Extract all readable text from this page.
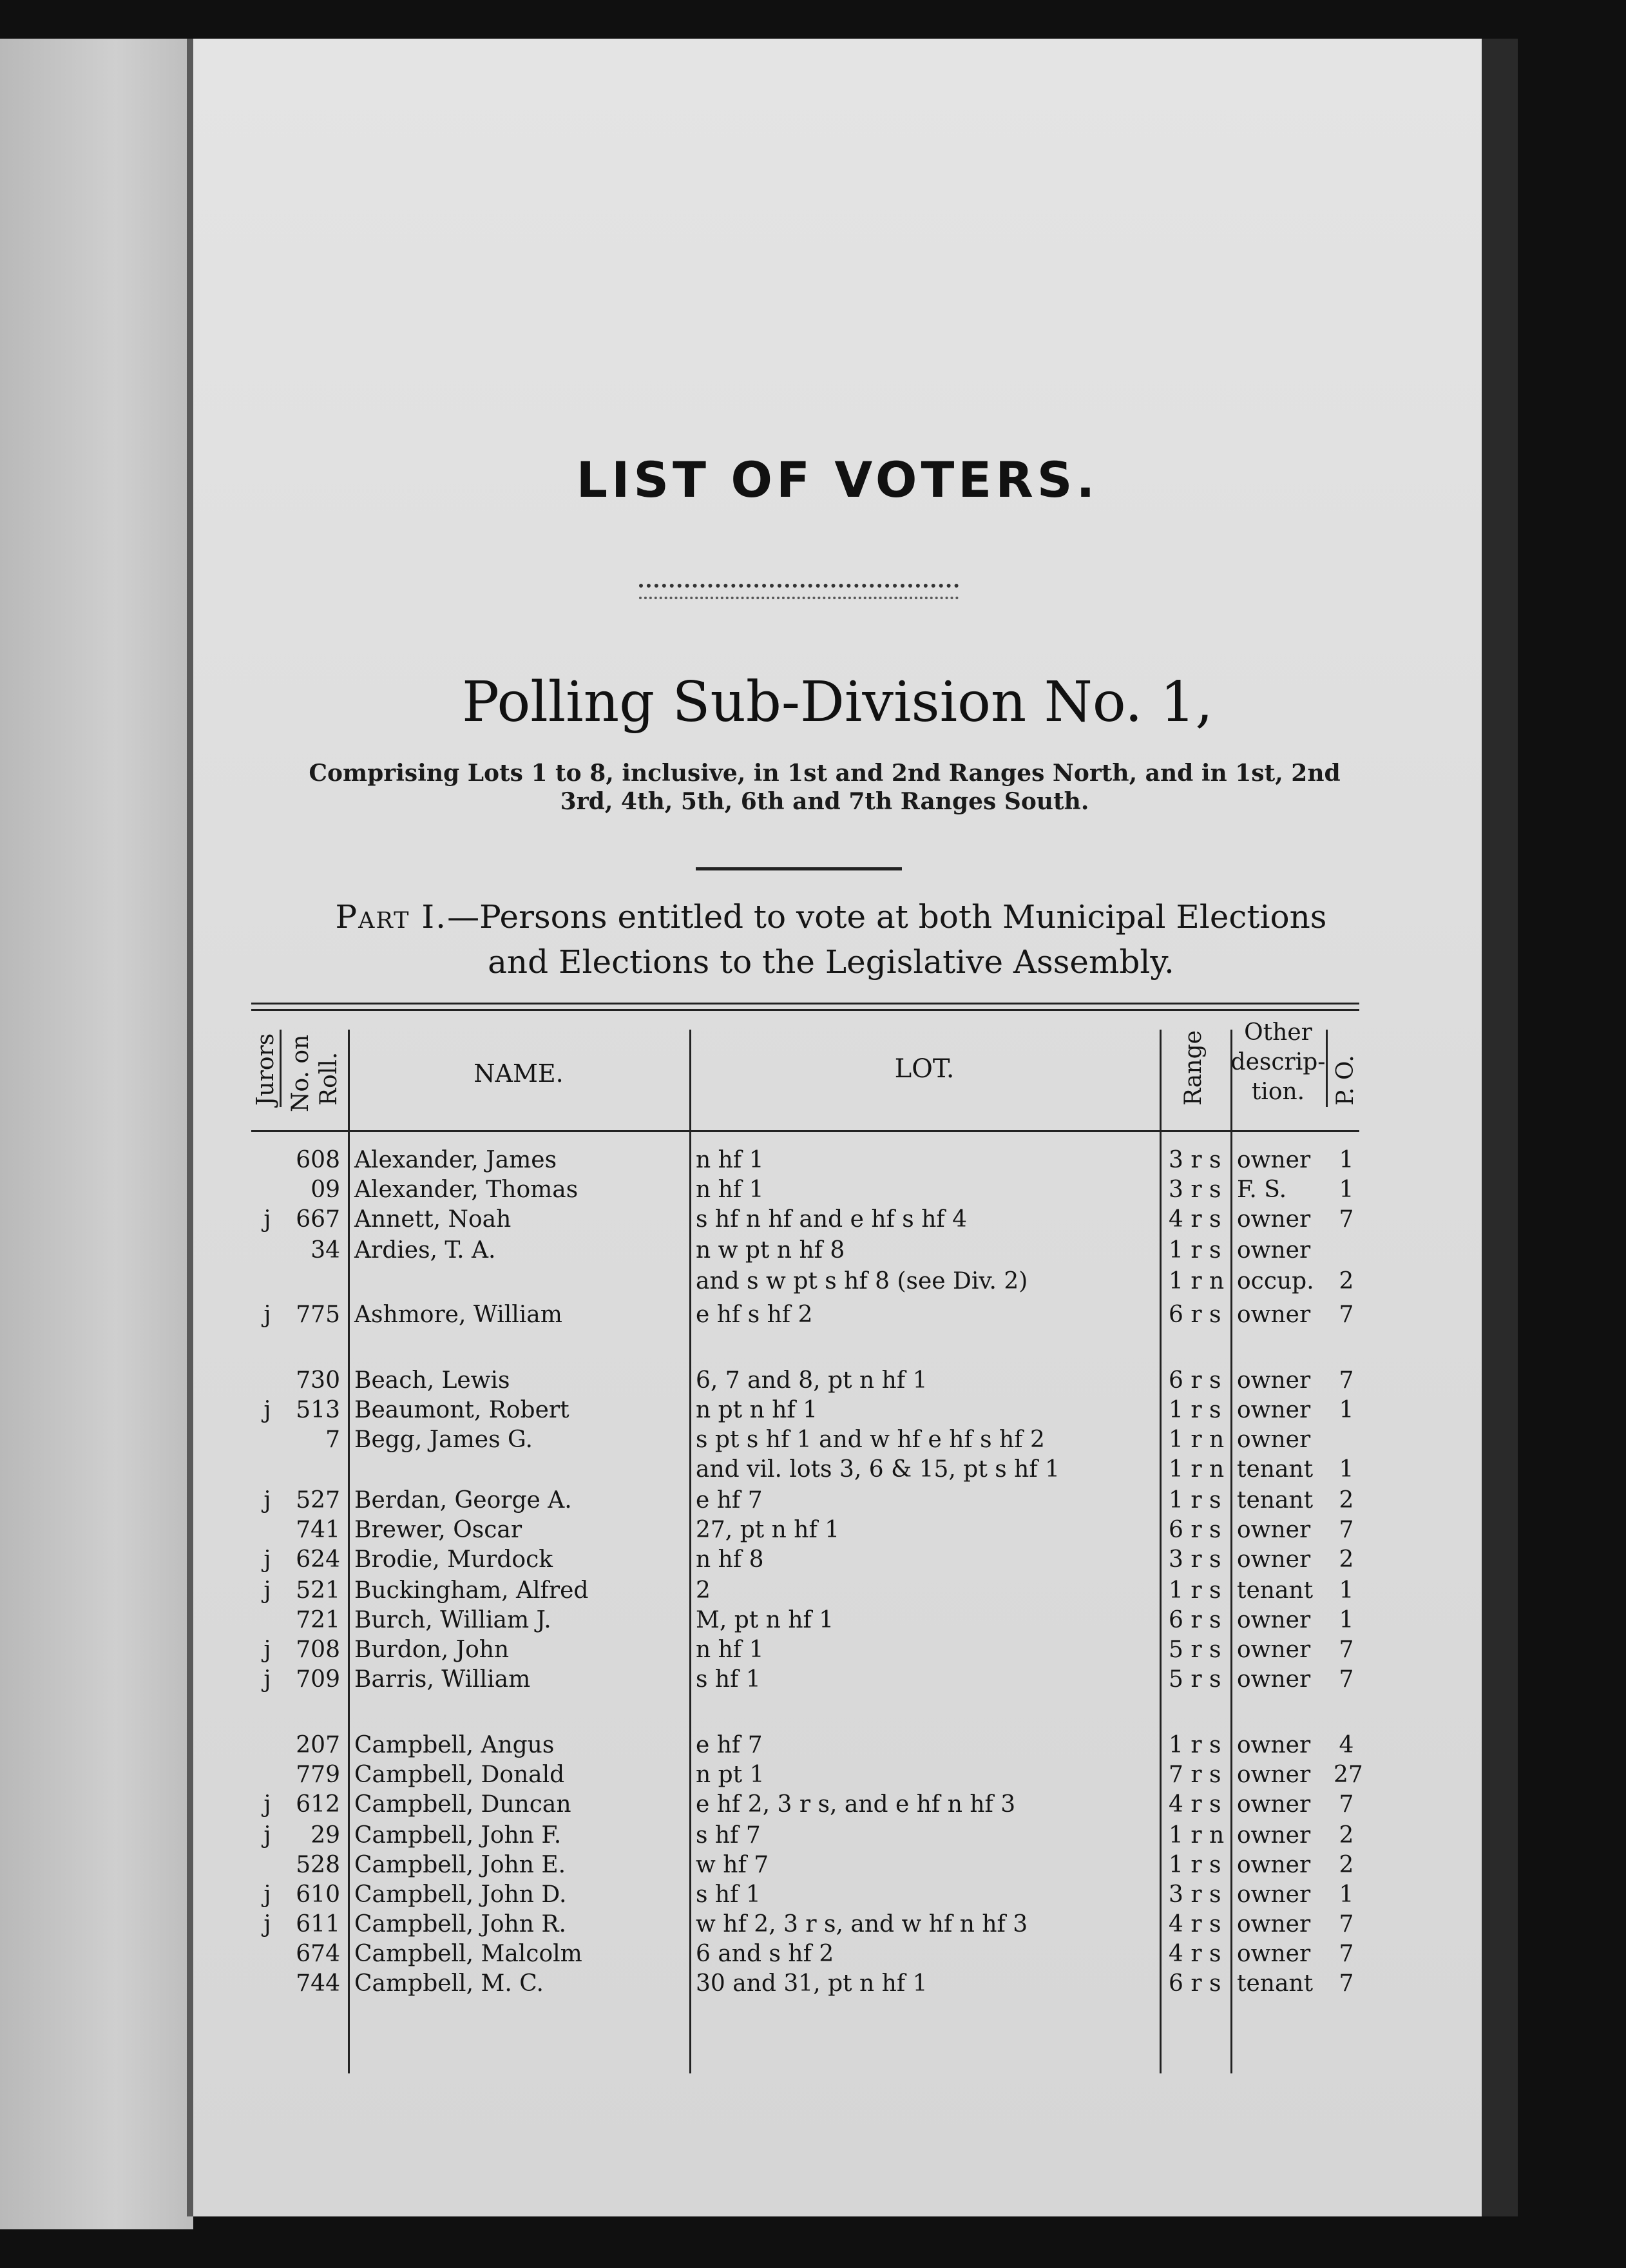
LIST OF VOTERS.
Polling Sub-Division No. 1,
Comprising Lots 1 to 8, inclusive, in 1st and 2nd Ranges North, and in 1st, 2nd
3rd, 4th, 5th, 6th and 7th Ranges South.
Part I.—Persons entitled to vote at both Municipal Elections
and Elections to the Legislative Assembly.
Jurors No. on Roll.	NAME.	LOT.	Range	Other
descrip-
tion.	P. O.
608 Alexander, James	n hf 1	3 r s owner 1
09 Alexander, Thomas	n hf 1	3 r s F. S. 1
j	667 Annett, Noah	s hf n hf and e hf s hf 4	4 r s owner 7
34 Ardies, T. A.	n w pt n hf 8	1 r s owner
and s w pt s hf 8 (see Div. 2)	1 r n occup. 2
j	775 Ashmore, William	e hf s hf 2	6 r s owner 7
730 Beach, Lewis	6, 7 and 8, pt n hf 1	6 r s owner 7
j	513 Beaumont, Robert	n pt n hf 1	1 r s owner 1
7 Begg, James G.	s pt s hf 1 and w hf e hf s hf 2	1 r n owner
and vil. lots 3, 6 & 15, pt s hf 1	1 r n tenant 1
j	527 Berdan, George A.	e hf 7	1 r s tenant 2
741 Brewer, Oscar	27, pt n hf 1	6 r s owner 7
j	624 Brodie, Murdock	n hf 8	3 r s owner 2
j	521 Buckingham, Alfred	2	1 r s tenant 1
721 Burch, William J.	M, pt n hf 1	6 r s owner 1
j	708 Burdon, John	n hf 1	5 r s owner 7
j	709 Barris, William	s hf 1	5 r s owner 7
207 Campbell, Angus	e hf 7	1 r s owner 4
779 Campbell, Donald	n pt 1	7 r s owner 27
j	612 Campbell, Duncan	e hf 2, 3 r s, and e hf n hf 3	4 r s owner 7
j	29 Campbell, John F.	s hf 7	1 r n owner 2
528 Campbell, John E.	w hf 7	1 r s owner 2
j	610 Campbell, John D.	s hf 1	3 r s owner 1
j	611 Campbell, John R.	w hf 2, 3 r s, and w hf n hf 3	4 r s owner 7
674 Campbell, Malcolm	6 and s hf 2	4 r s owner 7
744 Campbell, M. C.	30 and 31, pt n hf 1	6 r s tenant 7
